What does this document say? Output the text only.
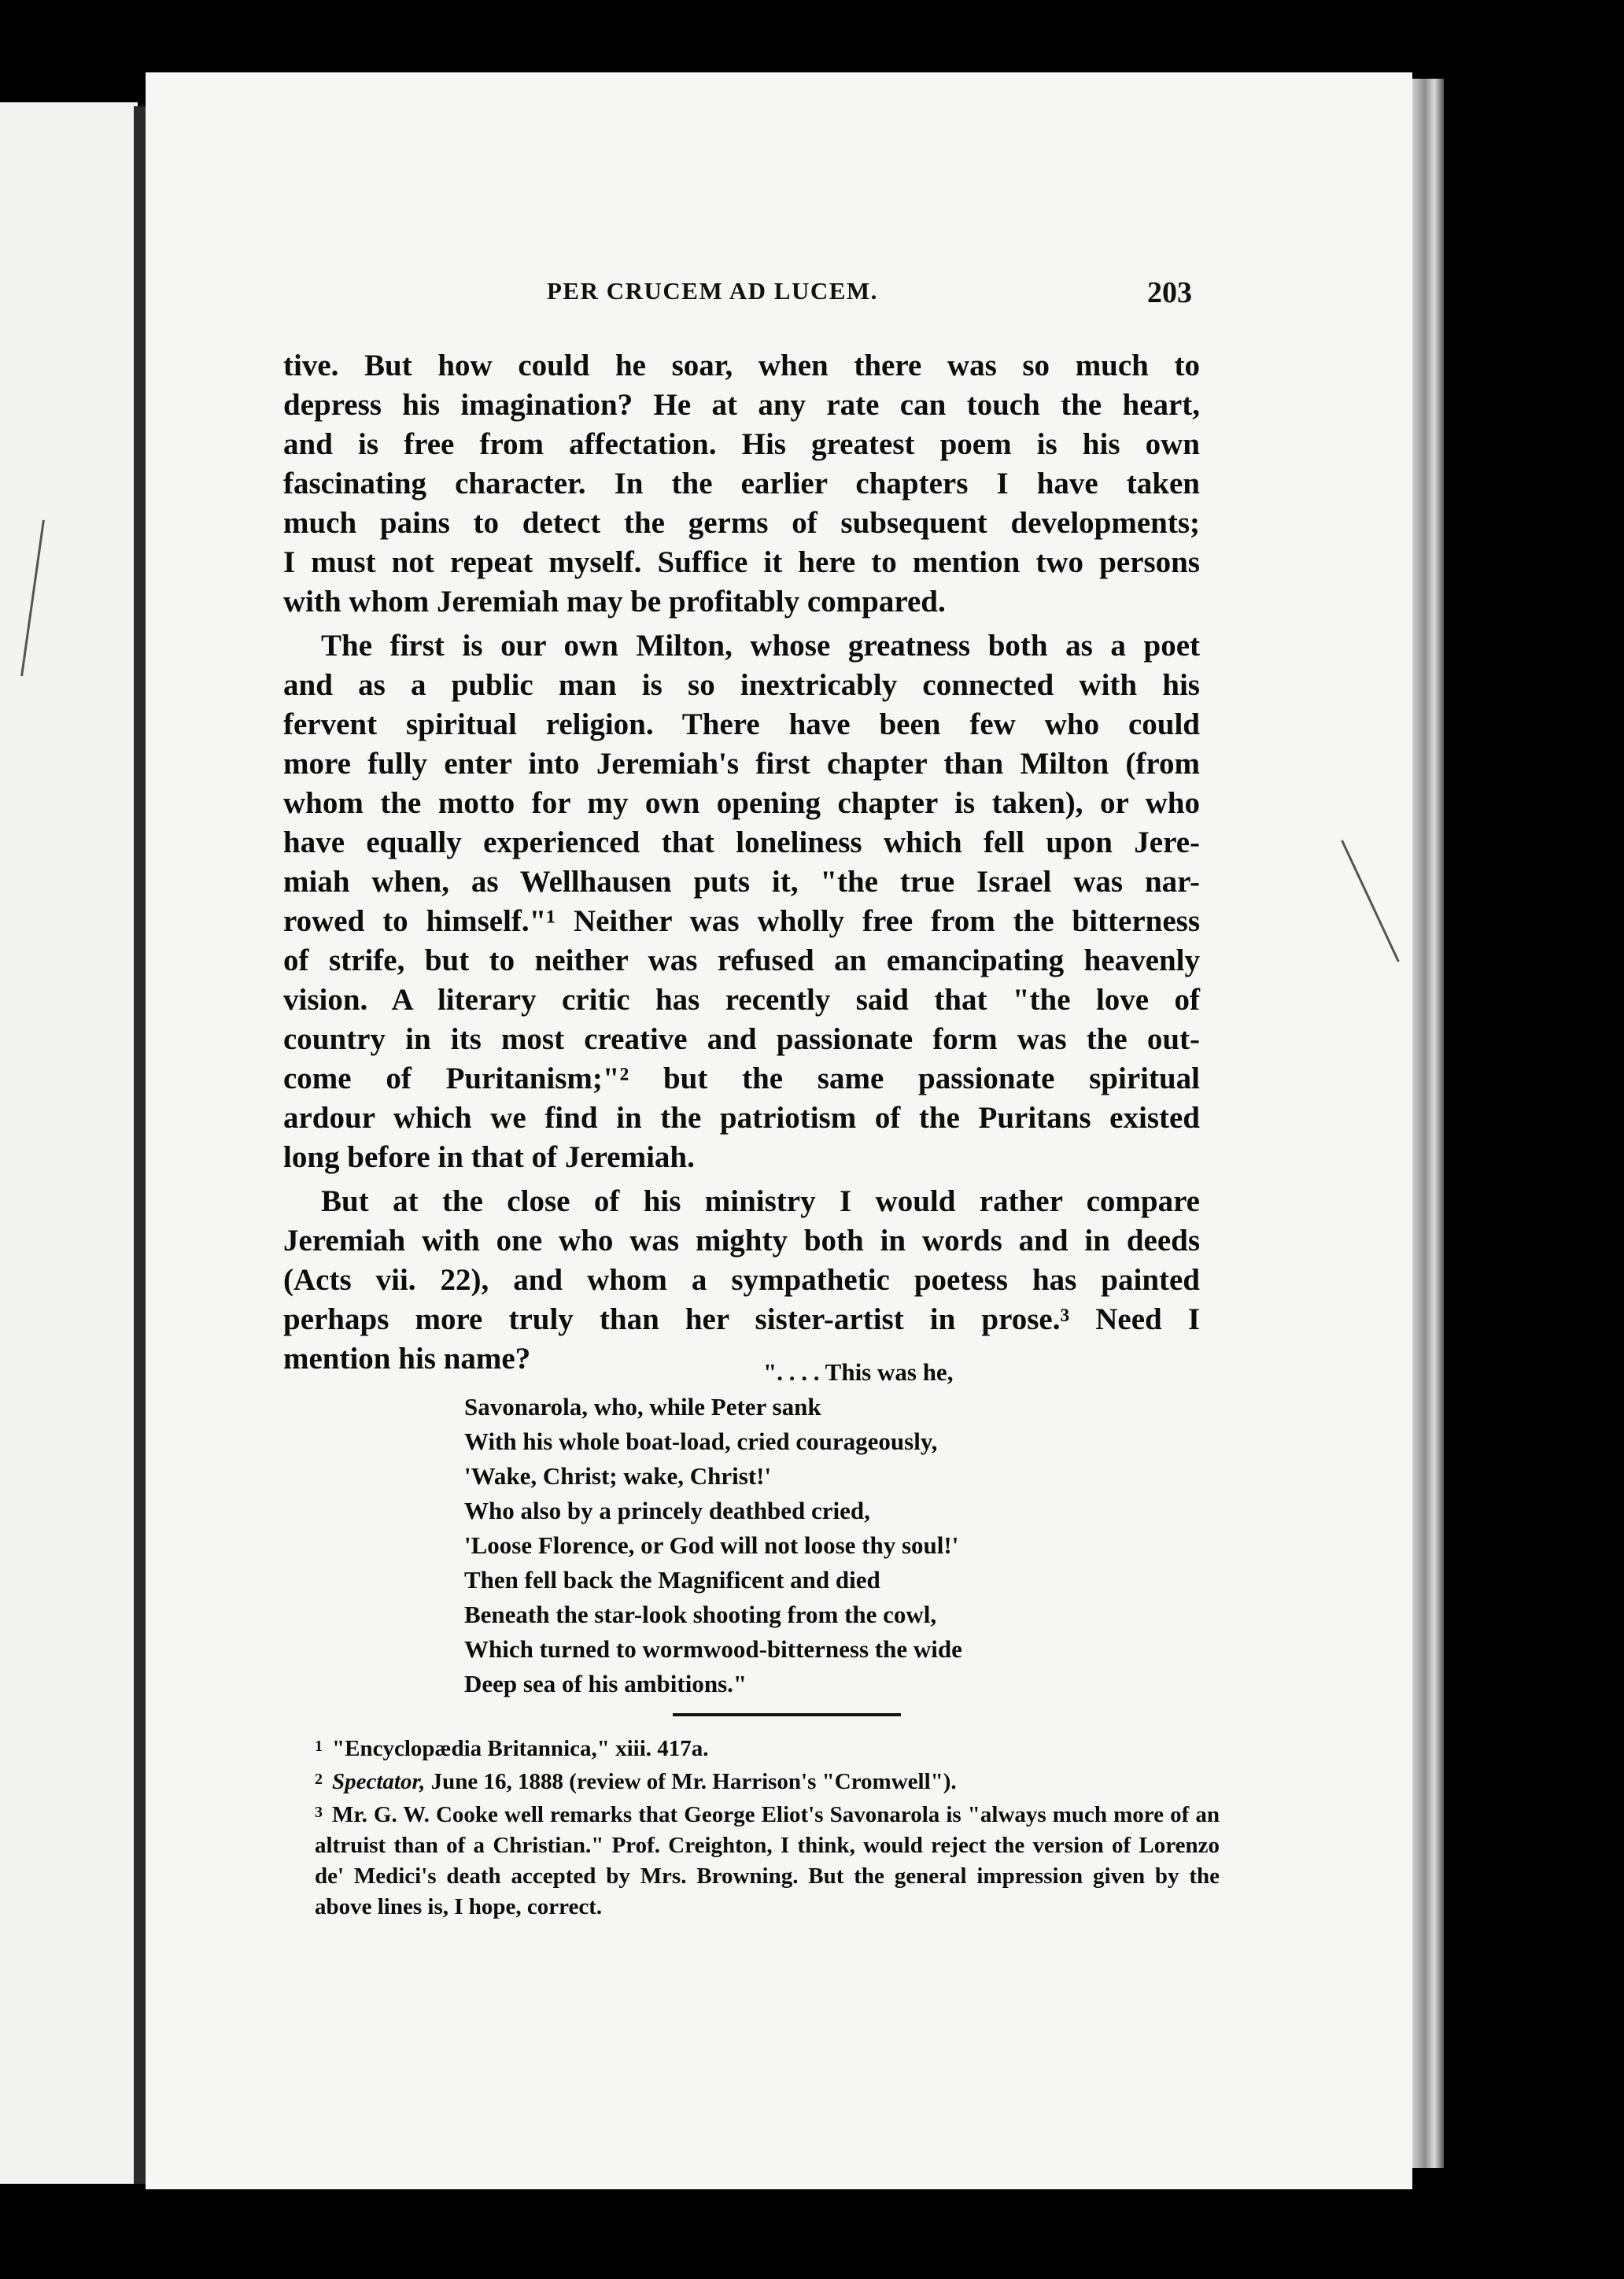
PER CRUCEM AD LUCEM.	203

tive. But how could he soar, when there was so much to
depress his imagination? He at any rate can touch the heart,
and is free from affectation. His greatest poem is his own
fascinating character. In the earlier chapters I have taken
much pains to detect the germs of subsequent developments;
I must not repeat myself. Suffice it here to mention two persons
with whom Jeremiah may be profitably compared.

The first is our own Milton, whose greatness both as a poet
and as a public man is so inextricably connected with his
fervent spiritual religion. There have been few who could
more fully enter into Jeremiah's first chapter than Milton (from
whom the motto for my own opening chapter is taken), or who
have equally experienced that loneliness which fell upon Jere-
miah when, as Wellhausen puts it, "the true Israel was nar-
rowed to himself."¹ Neither was wholly free from the bitterness
of strife, but to neither was refused an emancipating heavenly
vision. A literary critic has recently said that "the love of
country in its most creative and passionate form was the out-
come of Puritanism;"² but the same passionate spiritual
ardour which we find in the patriotism of the Puritans existed
long before in that of Jeremiah.

But at the close of his ministry I would rather compare
Jeremiah with one who was mighty both in words and in deeds
(Acts vii. 22), and whom a sympathetic poetess has painted
perhaps more truly than her sister-artist in prose.³ Need I
mention his name?	". . . . This was he,
Savonarola, who, while Peter sank
With his whole boat-load, cried courageously,
'Wake, Christ; wake, Christ!'
Who also by a princely deathbed cried,
'Loose Florence, or God will not loose thy soul!'
Then fell back the Magnificent and died
Beneath the star-look shooting from the cowl,
Which turned to wormwood-bitterness the wide
Deep sea of his ambitions."

$^1$ "Encyclopædia Britannica," xiii. 417a.

$^2$ Spectator, June 16, 1888 (review of Mr. Harrison's "Cromwell").

$^3$ Mr. G. W. Cooke well remarks that George Eliot's Savonarola is "always much more of an altruist than of a Christian." Prof. Creighton, I think, would reject the version of Lorenzo de' Medici's death accepted by Mrs. Browning. But the general impression given by the above lines is, I hope, correct.
